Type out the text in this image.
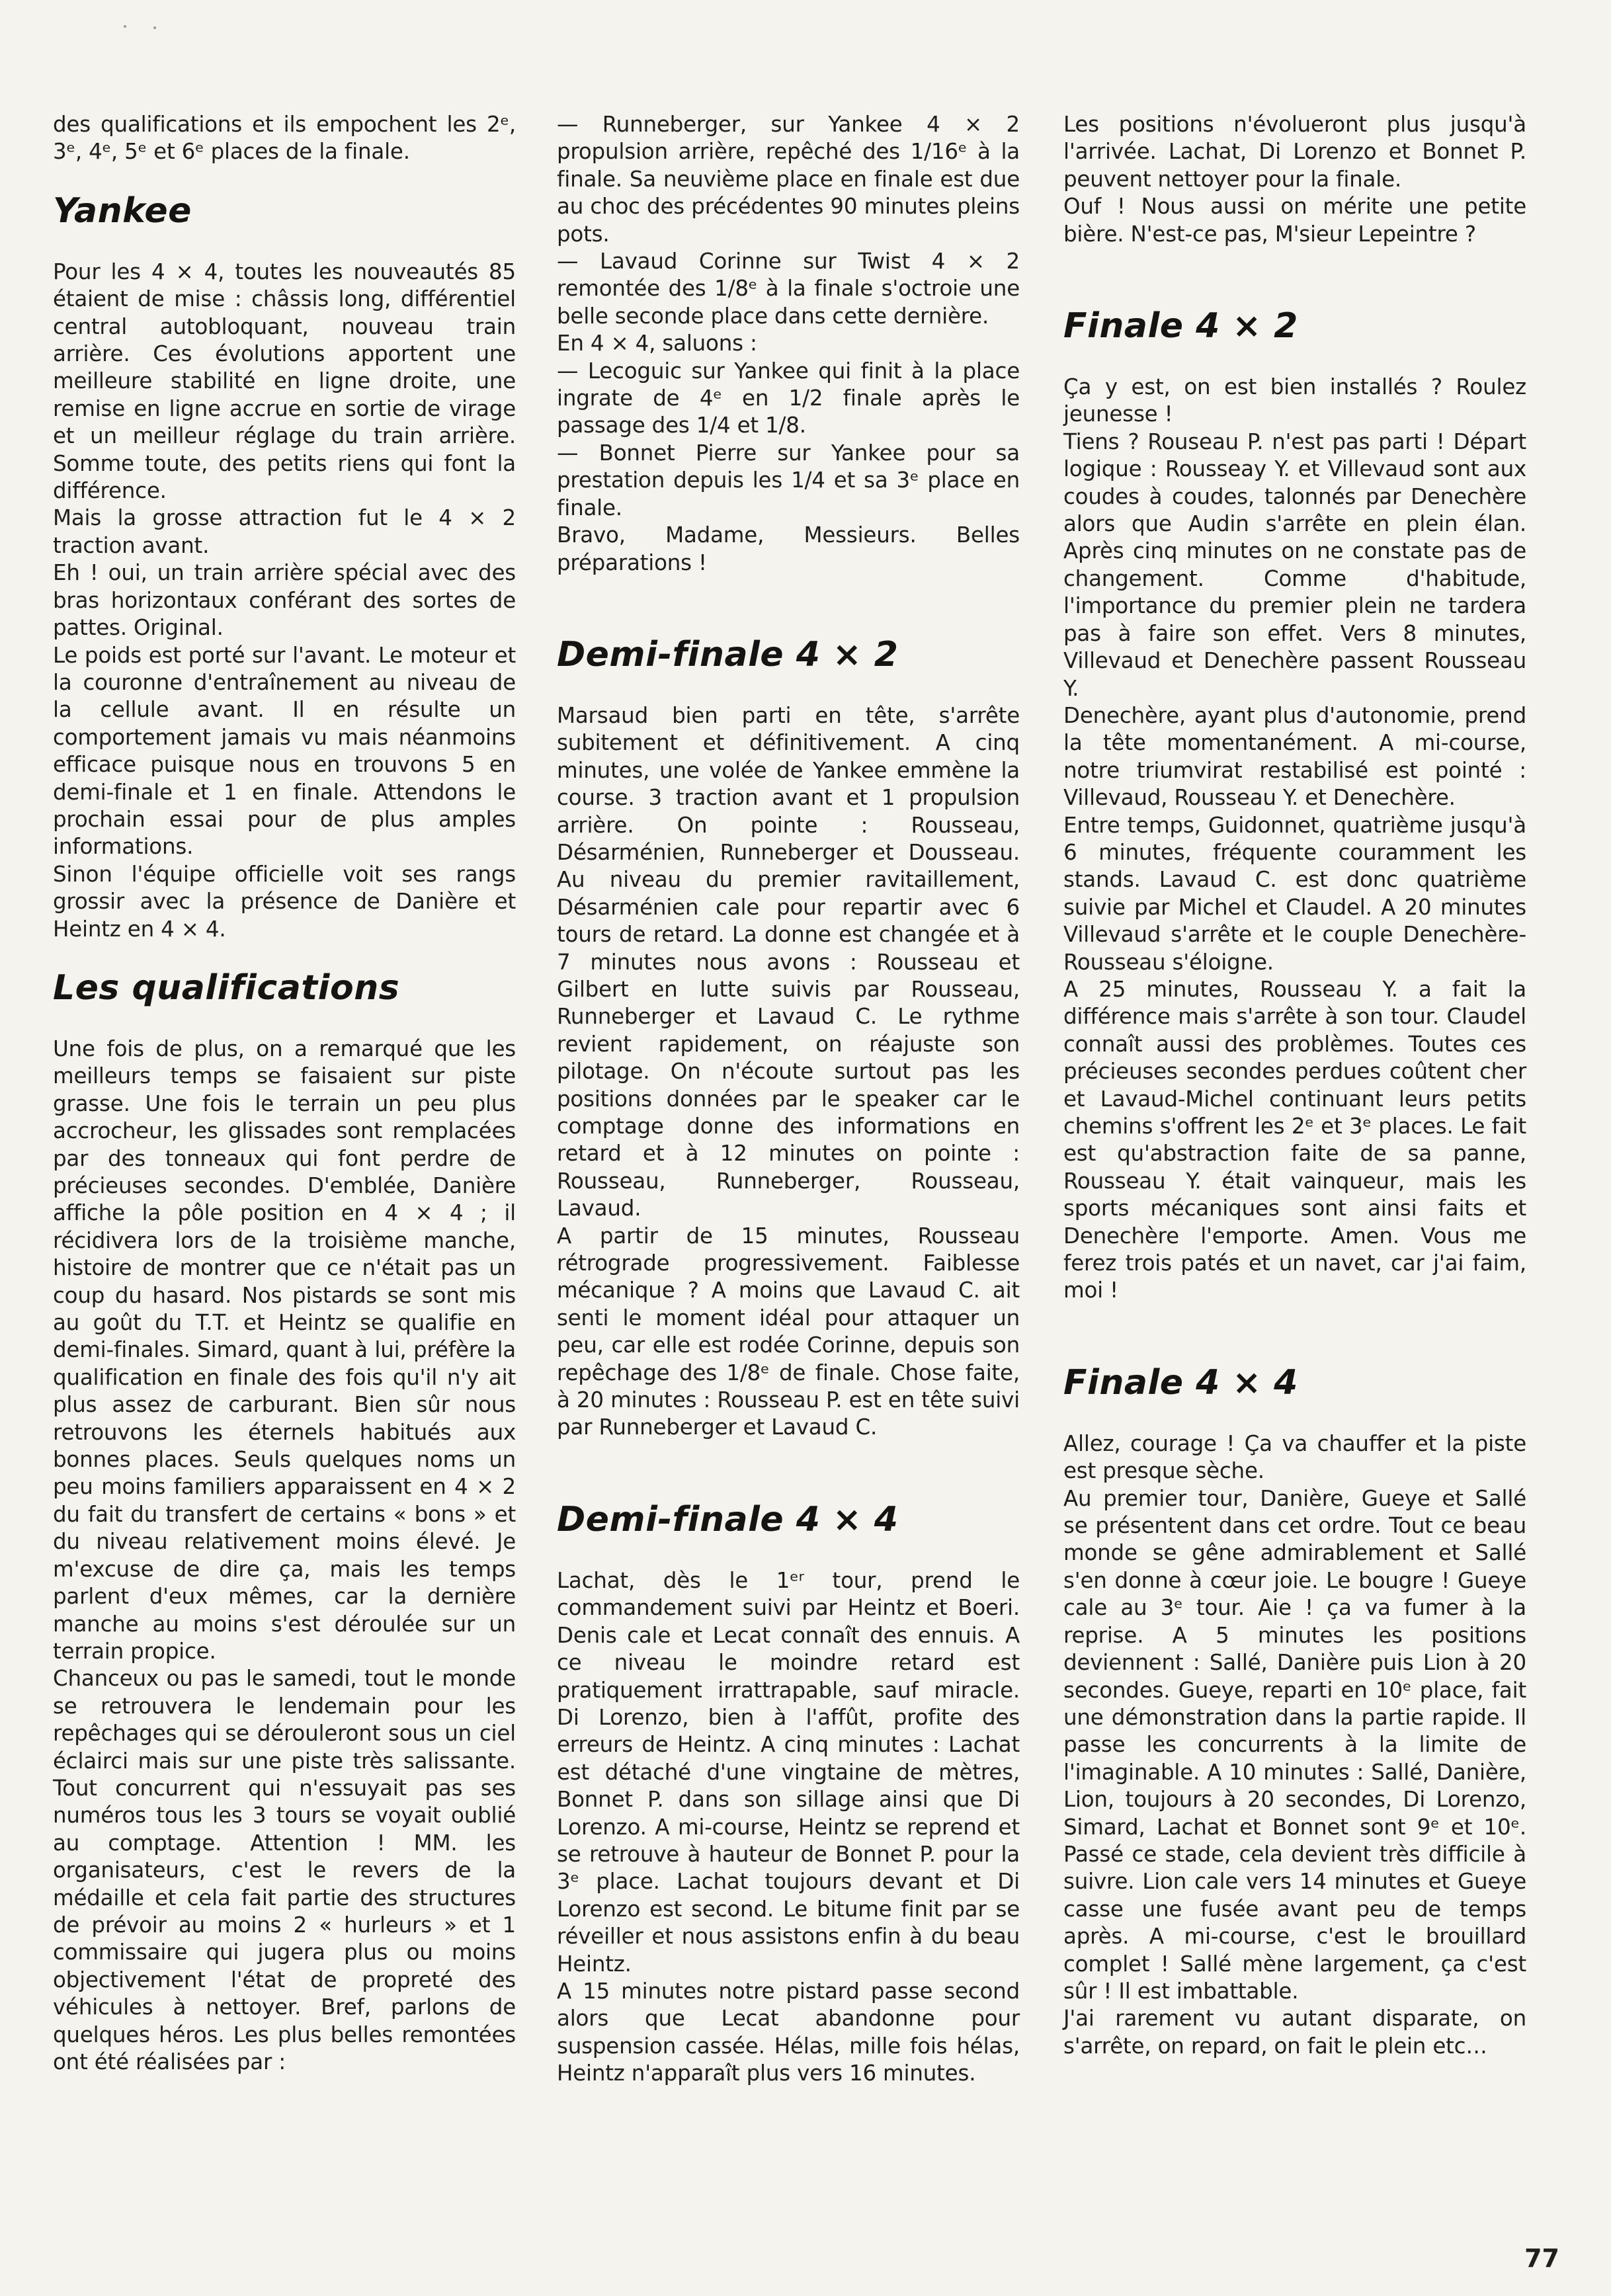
des qualifications et ils empochent les 2ᵉ, 3ᵉ, 4ᵉ, 5ᵉ et 6ᵉ places de la finale.

Yankee

Pour les 4 × 4, toutes les nouveautés 85 étaient de mise : châssis long, différentiel central autobloquant, nouveau train arrière. Ces évolutions apportent une meilleure stabilité en ligne droite, une remise en ligne accrue en sortie de virage et un meilleur réglage du train arrière. Somme toute, des petits riens qui font la différence.

Mais la grosse attraction fut le 4 × 2 traction avant.

Eh ! oui, un train arrière spécial avec des bras horizontaux conférant des sortes de pattes. Original.

Le poids est porté sur l'avant. Le moteur et la couronne d'entraînement au niveau de la cellule avant. Il en résulte un comportement jamais vu mais néanmoins efficace puisque nous en trouvons 5 en demi-finale et 1 en finale. Attendons le prochain essai pour de plus amples informations.

Sinon l'équipe officielle voit ses rangs grossir avec la présence de Danière et Heintz en 4 × 4.

Les qualifications

Une fois de plus, on a remarqué que les meilleurs temps se faisaient sur piste grasse. Une fois le terrain un peu plus accrocheur, les glissades sont remplacées par des tonneaux qui font perdre de précieuses secondes. D'emblée, Danière affiche la pôle position en 4 × 4 ; il récidivera lors de la troisième manche, histoire de montrer que ce n'était pas un coup du hasard. Nos pistards se sont mis au goût du T.T. et Heintz se qualifie en demi-finales. Simard, quant à lui, préfère la qualification en finale des fois qu'il n'y ait plus assez de carburant. Bien sûr nous retrouvons les éternels habitués aux bonnes places. Seuls quelques noms un peu moins familiers apparaissent en 4 × 2 du fait du transfert de certains « bons » et du niveau relativement moins élevé. Je m'excuse de dire ça, mais les temps parlent d'eux mêmes, car la dernière manche au moins s'est déroulée sur un terrain propice.

Chanceux ou pas le samedi, tout le monde se retrouvera le lendemain pour les repêchages qui se dérouleront sous un ciel éclairci mais sur une piste très salissante. Tout concurrent qui n'essuyait pas ses numéros tous les 3 tours se voyait oublié au comptage. Attention ! MM. les organisateurs, c'est le revers de la médaille et cela fait partie des structures de prévoir au moins 2 « hurleurs » et 1 commissaire qui jugera plus ou moins objectivement l'état de propreté des véhicules à nettoyer. Bref, parlons de quelques héros. Les plus belles remontées ont été réalisées par :

— Runneberger, sur Yankee 4 × 2 propulsion arrière, repêché des 1/16ᵉ à la finale. Sa neuvième place en finale est due au choc des précédentes 90 minutes pleins pots.

— Lavaud Corinne sur Twist 4 × 2 remontée des 1/8ᵉ à la finale s'octroie une belle seconde place dans cette dernière.

En 4 × 4, saluons :

— Lecoguic sur Yankee qui finit à la place ingrate de 4ᵉ en 1/2 finale après le passage des 1/4 et 1/8.

— Bonnet Pierre sur Yankee pour sa prestation depuis les 1/4 et sa 3ᵉ place en finale.

Bravo, Madame, Messieurs. Belles préparations !

Demi-finale 4 × 2

Marsaud bien parti en tête, s'arrête subitement et définitivement. A cinq minutes, une volée de Yankee emmène la course. 3 traction avant et 1 propulsion arrière. On pointe : Rousseau, Désarménien, Runneberger et Dousseau. Au niveau du premier ravitaillement, Désarménien cale pour repartir avec 6 tours de retard. La donne est changée et à 7 minutes nous avons : Rousseau et Gilbert en lutte suivis par Rousseau, Runneberger et Lavaud C. Le rythme revient rapidement, on réajuste son pilotage. On n'écoute surtout pas les positions données par le speaker car le comptage donne des informations en retard et à 12 minutes on pointe : Rousseau, Runneberger, Rousseau, Lavaud.

A partir de 15 minutes, Rousseau rétrograde progressivement. Faiblesse mécanique ? A moins que Lavaud C. ait senti le moment idéal pour attaquer un peu, car elle est rodée Corinne, depuis son repêchage des 1/8ᵉ de finale. Chose faite, à 20 minutes : Rousseau P. est en tête suivi par Runneberger et Lavaud C.

Demi-finale 4 × 4

Lachat, dès le 1ᵉʳ tour, prend le commandement suivi par Heintz et Boeri. Denis cale et Lecat connaît des ennuis. A ce niveau le moindre retard est pratiquement irrattrapable, sauf miracle. Di Lorenzo, bien à l'affût, profite des erreurs de Heintz. A cinq minutes : Lachat est détaché d'une vingtaine de mètres, Bonnet P. dans son sillage ainsi que Di Lorenzo. A mi-course, Heintz se reprend et se retrouve à hauteur de Bonnet P. pour la 3ᵉ place. Lachat toujours devant et Di Lorenzo est second. Le bitume finit par se réveiller et nous assistons enfin à du beau Heintz.

A 15 minutes notre pistard passe second alors que Lecat abandonne pour suspension cassée. Hélas, mille fois hélas, Heintz n'apparaît plus vers 16 minutes.

Les positions n'évolueront plus jusqu'à l'arrivée. Lachat, Di Lorenzo et Bonnet P. peuvent nettoyer pour la finale.

Ouf ! Nous aussi on mérite une petite bière. N'est-ce pas, M'sieur Lepeintre ?

Finale 4 × 2

Ça y est, on est bien installés ? Roulez jeunesse !

Tiens ? Rouseau P. n'est pas parti ! Départ logique : Rousseay Y. et Villevaud sont aux coudes à coudes, talonnés par Denechère alors que Audin s'arrête en plein élan. Après cinq minutes on ne constate pas de changement. Comme d'habitude, l'importance du premier plein ne tardera pas à faire son effet. Vers 8 minutes, Villevaud et Denechère passent Rousseau Y.

Denechère, ayant plus d'autonomie, prend la tête momentanément. A mi-course, notre triumvirat restabilisé est pointé : Villevaud, Rousseau Y. et Denechère.

Entre temps, Guidonnet, quatrième jusqu'à 6 minutes, fréquente couramment les stands. Lavaud C. est donc quatrième suivie par Michel et Claudel. A 20 minutes Villevaud s'arrête et le couple Denechère-Rousseau s'éloigne.

A 25 minutes, Rousseau Y. a fait la différence mais s'arrête à son tour. Claudel connaît aussi des problèmes. Toutes ces précieuses secondes perdues coûtent cher et Lavaud-Michel continuant leurs petits chemins s'offrent les 2ᵉ et 3ᵉ places. Le fait est qu'abstraction faite de sa panne, Rousseau Y. était vainqueur, mais les sports mécaniques sont ainsi faits et Denechère l'emporte. Amen. Vous me ferez trois patés et un navet, car j'ai faim, moi !

Finale 4 × 4

Allez, courage ! Ça va chauffer et la piste est presque sèche.

Au premier tour, Danière, Gueye et Sallé se présentent dans cet ordre. Tout ce beau monde se gêne admirablement et Sallé s'en donne à cœur joie. Le bougre ! Gueye cale au 3ᵉ tour. Aie ! ça va fumer à la reprise. A 5 minutes les positions deviennent : Sallé, Danière puis Lion à 20 secondes. Gueye, reparti en 10ᵉ place, fait une démonstration dans la partie rapide. Il passe les concurrents à la limite de l'imaginable. A 10 minutes : Sallé, Danière, Lion, toujours à 20 secondes, Di Lorenzo, Simard, Lachat et Bonnet sont 9ᵉ et 10ᵉ. Passé ce stade, cela devient très difficile à suivre. Lion cale vers 14 minutes et Gueye casse une fusée avant peu de temps après. A mi-course, c'est le brouillard complet ! Sallé mène largement, ça c'est sûr ! Il est imbattable.

J'ai rarement vu autant disparate, on s'arrête, on repard, on fait le plein etc…

77
